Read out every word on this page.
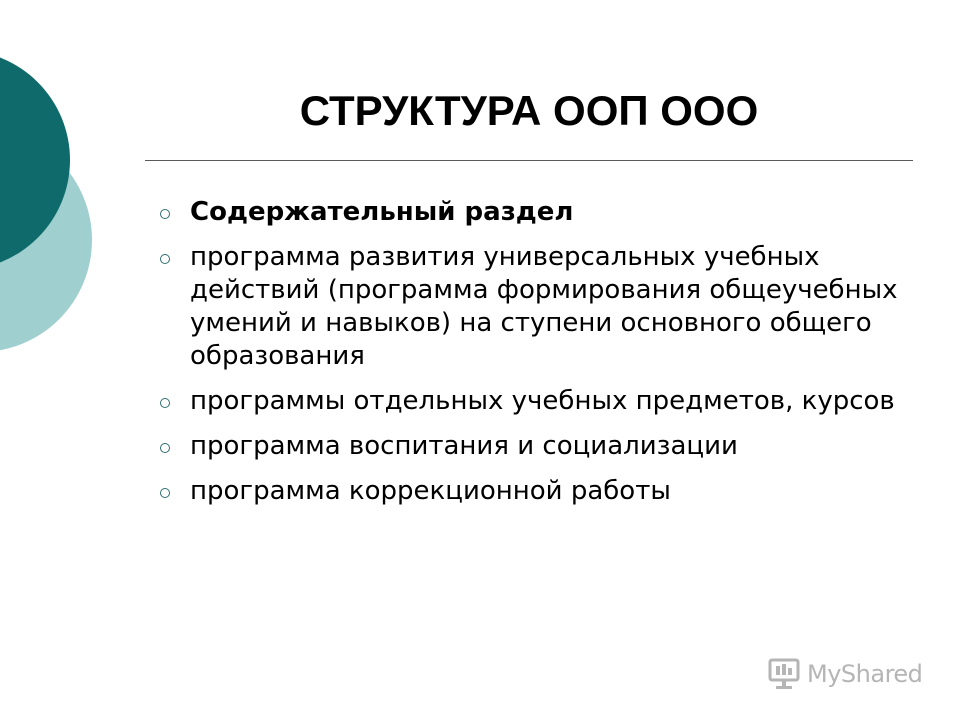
СТРУКТУРА ООП ООО
Содержательный раздел
программа развития универсальных учебных действий (программа формирования общеучебных умений и навыков) на ступени основного общего образования
программы отдельных учебных предметов, курсов
программа воспитания и социализации
программа коррекционной работы
MyShared
